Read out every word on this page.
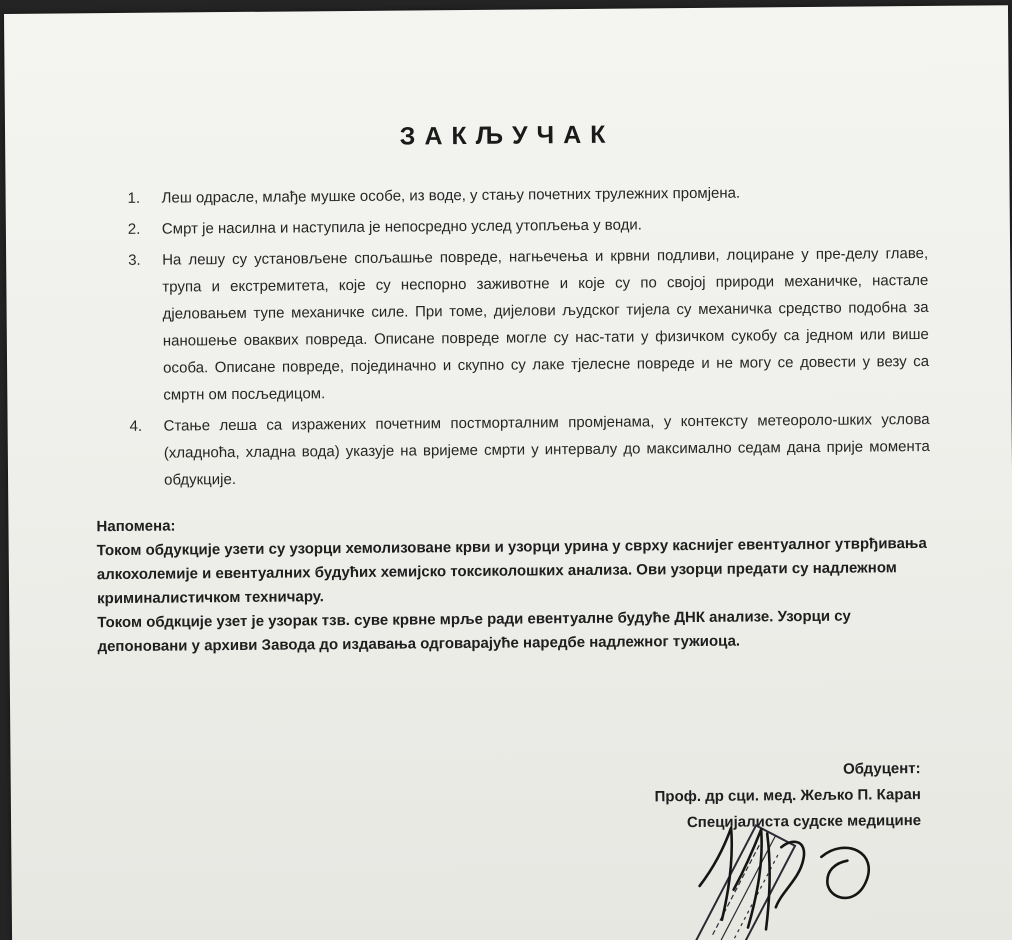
ЗАКЉУЧАК
1. Леш одрасле, млађе мушке особе, из воде, у стању почетних трулежних промјена.
2. Смрт је насилна и наступила је непосредно услед утопљења у води.
3. На лешу су установљене спољашње повреде, нагњечења и крвни подливи, лоциране у пре-делу главе, трупа и екстремитета, које су неспорно заживотне и које су по својој природи механичке, настале дјеловањем тупе механичке силе. При томе, дијелови људског тијела су механичка средство подобна за наношење оваквих повреда. Описане повреде могле су нас-тати у физичком сукобу са једном или више особа. Описане повреде, појединачно и скупно су лаке тјелесне повреде и не могу се довести у везу са смртн ом посљедицом.
4. Стање леша са изражених почетним постморталним промјенама, у контексту метеороло-шких услова (хладноћа, хладна вода) указује на вријеме смрти у интервалу до максимално седам дана прије момента обдукције.

Напомена:

Током обдукције узети су узорци хемолизоване крви и узорци урина у сврху каснијег евентуалног утврђивања алкохолемије и евентуалних будућих хемијско токсиколошких анализа. Ови узорци предати су надлежном криминалистичком техничару.

Током обдкције узет је узорак тзв. суве крвне мрље ради евентуалне будуће ДНК анализе. Узорци су депоновани у архиви Завода до издавања одговарајуће наредбе надлежног тужиоца.

Обдуцент:
Проф. др сци. мед. Жељко П. Каран
Специјалиста судске медицине
